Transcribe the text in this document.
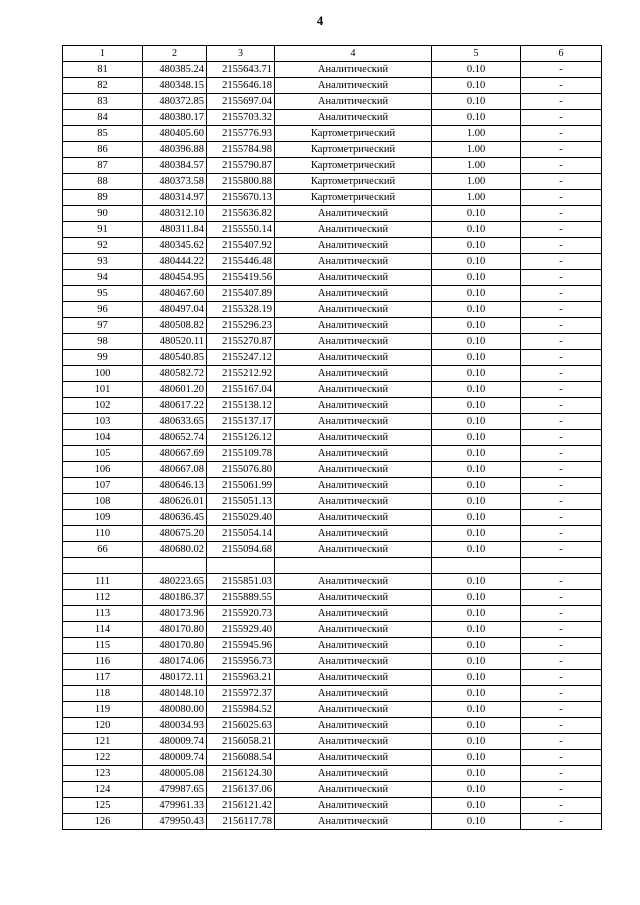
4
1	2	3	4	5	6
81	480385.24	2155643.71	Аналитический	0.10	-
82	480348.15	2155646.18	Аналитический	0.10	-
83	480372.85	2155697.04	Аналитический	0.10	-
84	480380.17	2155703.32	Аналитический	0.10	-
85	480405.60	2155776.93	Картометрический	1.00	-
86	480396.88	2155784.98	Картометрический	1.00	-
87	480384.57	2155790.87	Картометрический	1.00	-
88	480373.58	2155800.88	Картометрический	1.00	-
89	480314.97	2155670.13	Картометрический	1.00	-
90	480312.10	2155636.82	Аналитический	0.10	-
91	480311.84	2155550.14	Аналитический	0.10	-
92	480345.62	2155407.92	Аналитический	0.10	-
93	480444.22	2155446.48	Аналитический	0.10	-
94	480454.95	2155419.56	Аналитический	0.10	-
95	480467.60	2155407.89	Аналитический	0.10	-
96	480497.04	2155328.19	Аналитический	0.10	-
97	480508.82	2155296.23	Аналитический	0.10	-
98	480520.11	2155270.87	Аналитический	0.10	-
99	480540.85	2155247.12	Аналитический	0.10	-
100	480582.72	2155212.92	Аналитический	0.10	-
101	480601.20	2155167.04	Аналитический	0.10	-
102	480617.22	2155138.12	Аналитический	0.10	-
103	480633.65	2155137.17	Аналитический	0.10	-
104	480652.74	2155126.12	Аналитический	0.10	-
105	480667.69	2155109.78	Аналитический	0.10	-
106	480667.08	2155076.80	Аналитический	0.10	-
107	480646.13	2155061.99	Аналитический	0.10	-
108	480626.01	2155051.13	Аналитический	0.10	-
109	480636.45	2155029.40	Аналитический	0.10	-
110	480675.20	2155054.14	Аналитический	0.10	-
66	480680.02	2155094.68	Аналитический	0.10	-

111	480223.65	2155851.03	Аналитический	0.10	-
112	480186.37	2155889.55	Аналитический	0.10	-
113	480173.96	2155920.73	Аналитический	0.10	-
114	480170.80	2155929.40	Аналитический	0.10	-
115	480170.80	2155945.96	Аналитический	0.10	-
116	480174.06	2155956.73	Аналитический	0.10	-
117	480172.11	2155963.21	Аналитический	0.10	-
118	480148.10	2155972.37	Аналитический	0.10	-
119	480080.00	2155984.52	Аналитический	0.10	-
120	480034.93	2156025.63	Аналитический	0.10	-
121	480009.74	2156058.21	Аналитический	0.10	-
122	480009.74	2156088.54	Аналитический	0.10	-
123	480005.08	2156124.30	Аналитический	0.10	-
124	479987.65	2156137.06	Аналитический	0.10	-
125	479961.33	2156121.42	Аналитический	0.10	-
126	479950.43	2156117.78	Аналитический	0.10	-
